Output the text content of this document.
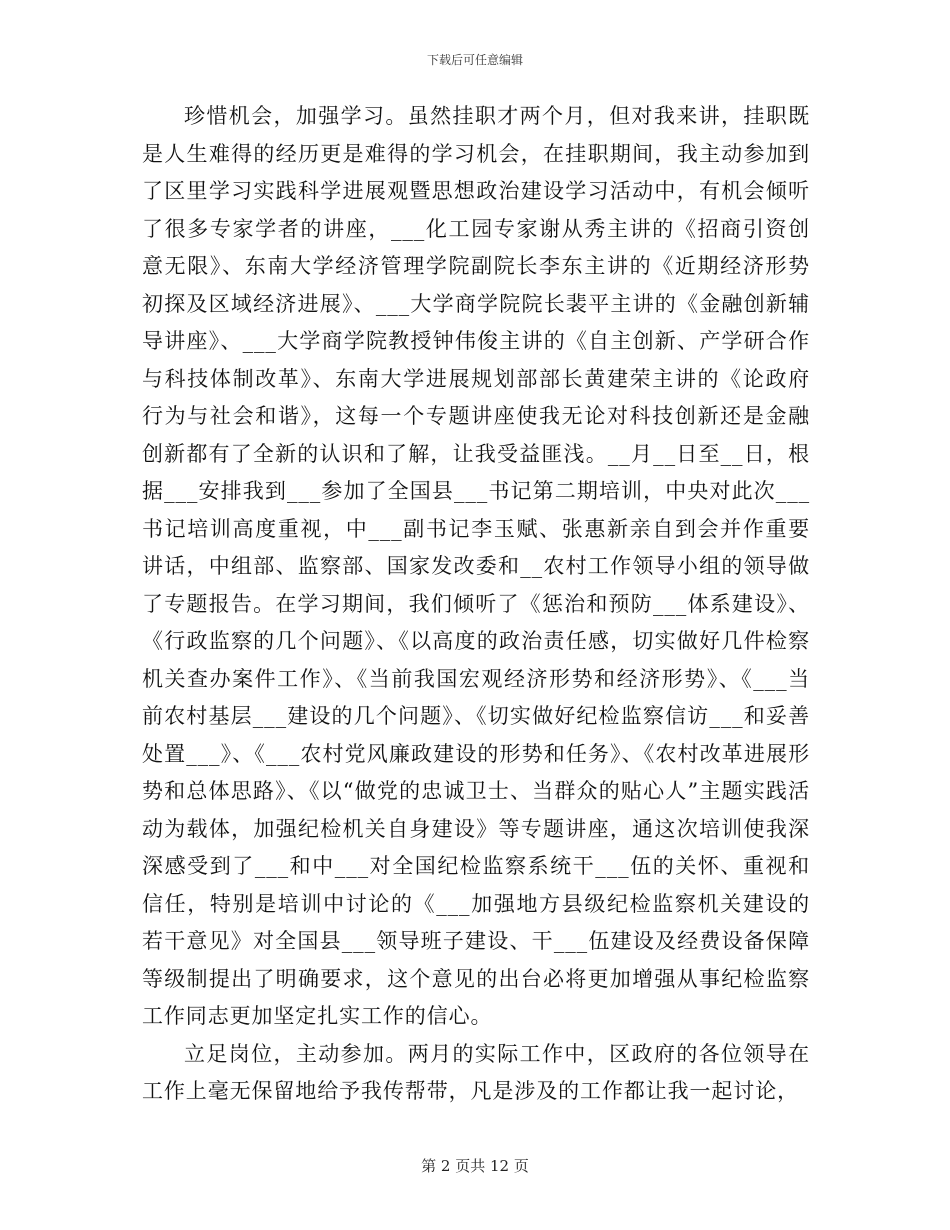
下载后可任意编辑

珍惜机会，加强学习。虽然挂职才两个月，但对我来讲，挂职既是人生难得的经历更是难得的学习机会，在挂职期间，我主动参加到了区里学习实践科学进展观暨思想政治建设学习活动中，有机会倾听了很多专家学者的讲座，___化工园专家谢从秀主讲的《招商引资创意无限》、东南大学经济管理学院副院长李东主讲的《近期经济形势初探及区域经济进展》、___大学商学院院长裴平主讲的《金融创新辅导讲座》、___大学商学院教授钟伟俊主讲的《自主创新、产学研合作与科技体制改革》、东南大学进展规划部部长黄建荣主讲的《论政府行为与社会和谐》，这每一个专题讲座使我无论对科技创新还是金融创新都有了全新的认识和了解，让我受益匪浅。__月__日至__日，根据___安排我到___参加了全国县___书记第二期培训，中央对此次___书记培训高度重视，中___副书记李玉赋、张惠新亲自到会并作重要讲话，中组部、监察部、国家发改委和__农村工作领导小组的领导做了专题报告。在学习期间，我们倾听了《惩治和预防___体系建设》、《行政监察的几个问题》、《以高度的政治责任感，切实做好几件检察机关查办案件工作》、《当前我国宏观经济形势和经济形势》、《___当前农村基层___建设的几个问题》、《切实做好纪检监察信访___和妥善处置___》、《___农村党风廉政建设的形势和任务》、《农村改革进展形势和总体思路》、《以“做党的忠诚卫士、当群众的贴心人”主题实践活动为载体，加强纪检机关自身建设》等专题讲座，通这次培训使我深深感受到了___和中___对全国纪检监察系统干___伍的关怀、重视和信任，特别是培训中讨论的《___加强地方县级纪检监察机关建设的若干意见》对全国县___领导班子建设、干___伍建设及经费设备保障等级制提出了明确要求，这个意见的出台必将更加增强从事纪检监察工作同志更加坚定扎实工作的信心。

立足岗位，主动参加。两月的实际工作中，区政府的各位领导在工作上毫无保留地给予我传帮带，凡是涉及的工作都让我一起讨论，

第 2 页共 12 页
